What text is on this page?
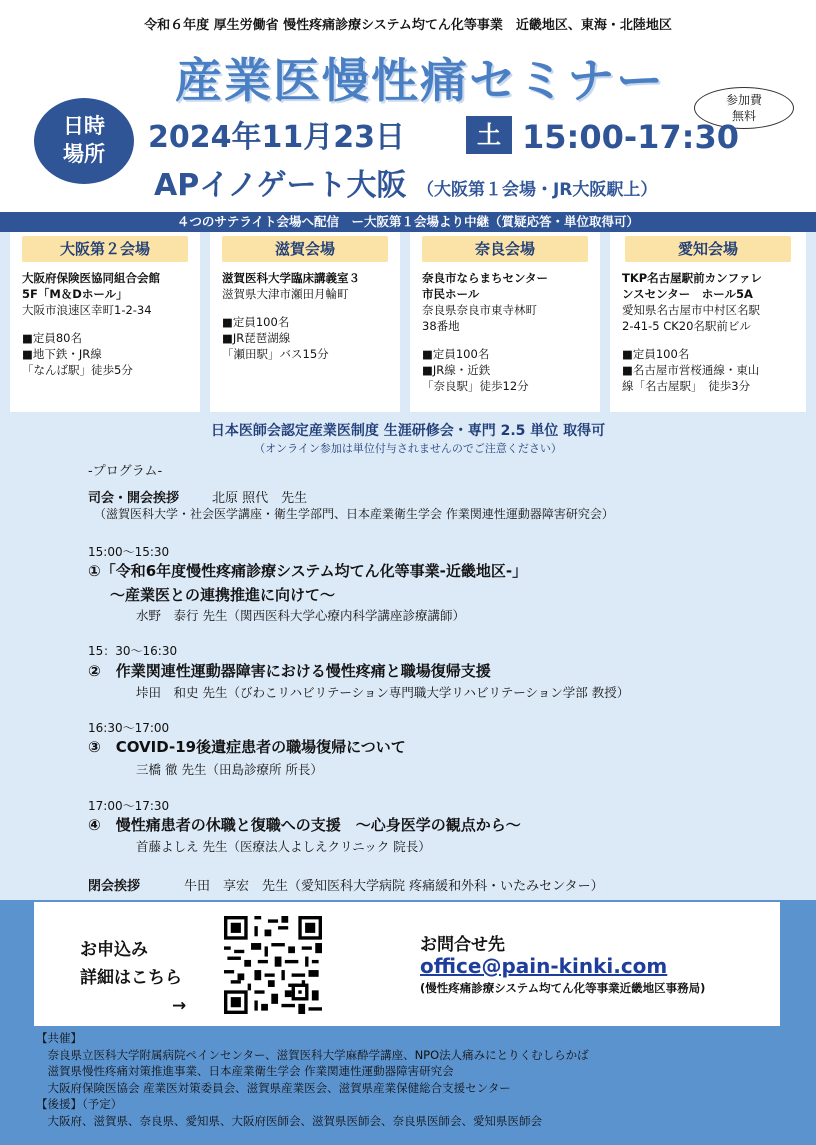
令和６年度 厚生労働省 慢性疼痛診療システム均てん化等事業　近畿地区、東海・北陸地区
産業医慢性痛セミナー	参加費
無料
日時
場所	2024年11月23日	土 15:00-17:30
APイノゲート大阪 （大阪第１会場・JR大阪駅上）
４つのサテライト会場へ配信　ー大阪第１会場より中継（質疑応答・単位取得可）
大阪第２会場
大阪府保険医協同組合会館
5F「M＆Dホール」
大阪市浪速区幸町1-2-34
■定員80名
■地下鉄・JR線
「なんば駅」徒歩5分
滋賀会場
滋賀医科大学臨床講義室３
滋賀県大津市瀬田月輪町
■定員100名
■JR琵琶湖線
「瀬田駅」バス15分
奈良会場
奈良市ならまちセンター
市民ホール
奈良県奈良市東寺林町
38番地
■定員100名
■JR線・近鉄
「奈良駅」徒歩12分
愛知会場
TKP名古屋駅前カンファレ
ンスセンター　ホール5A
愛知県名古屋市中村区名駅
2-41-5 CK20名駅前ビル
■定員100名
■名古屋市営桜通線・東山
線「名古屋駅」　徒歩3分
日本医師会認定産業医制度 生涯研修会・専門 2.5 単位 取得可
（オンライン参加は単位付与されませんのでご注意ください）
-プログラム-
司会・開会挨拶	北原 照代　先生
（滋賀医科大学・社会医学講座・衛生学部門、日本産業衛生学会 作業関連性運動器障害研究会）
15:00～15:30
①「令和6年度慢性疼痛診療システム均てん化等事業-近畿地区-」
～産業医との連携推進に向けて～
水野　泰行 先生（関西医科大学心療内科学講座診療講師）
15：30～16:30
②　作業関連性運動器障害における慢性疼痛と職場復帰支援
垰田　和史 先生（びわこリハビリテーション専門職大学リハビリテーション学部 教授）
16:30～17:00
③　COVID-19後遺症患者の職場復帰について
三橋 徹 先生（田島診療所 所長）
17:00～17:30
④　慢性痛患者の休職と復職への支援　～心身医学の観点から～
首藤よしえ 先生（医療法人よしえクリニック 院長）
閉会挨拶	牛田　享宏　先生（愛知医科大学病院 疼痛緩和外科・いたみセンター）
お申込み
詳細はこちら
→
お問合せ先
office@pain-kinki.com
(慢性疼痛診療システム均てん化等事業近畿地区事務局)
【共催】
　奈良県立医科大学附属病院ペインセンター、滋賀医科大学麻酔学講座、NPO法人痛みにとりくむしらかば
　滋賀県慢性疼痛対策推進事業、日本産業衛生学会 作業関連性運動器障害研究会
　大阪府保険医協会 産業医対策委員会、滋賀県産業医会、滋賀県産業保健総合支援センター
【後援】（予定）
　大阪府、滋賀県、奈良県、愛知県、大阪府医師会、滋賀県医師会、奈良県医師会、愛知県医師会
